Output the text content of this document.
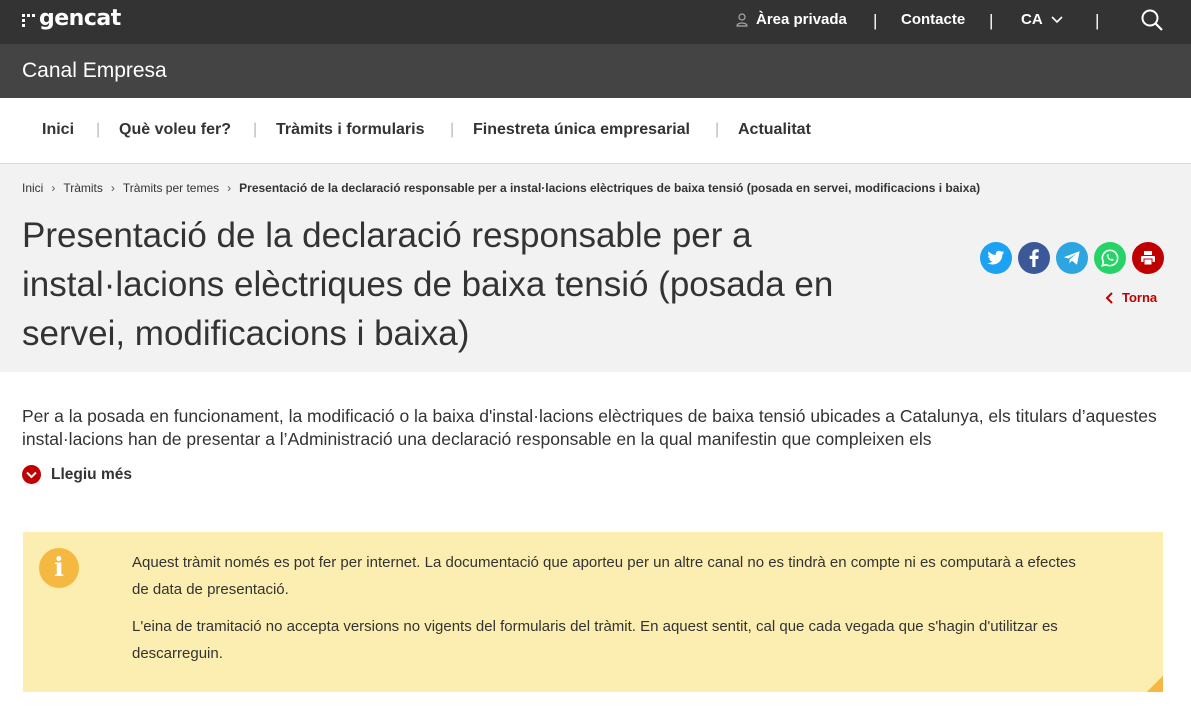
gencat	Àrea privada | Contacte | CA	|
Canal Empresa
Inici | Què voleu fer? | Tràmits i formularis | Finestreta única empresarial | Actualitat
Inici › Tràmits › Tràmits per temes › Presentació de la declaració responsable per a instal·lacions elèctriques de baixa tensió (posada en servei, modificacions i baixa)
Presentació de la declaració responsable per a instal·lacions elèctriques de baixa tensió (posada en servei, modificacions i baixa)
Torna

Per a la posada en funcionament, la modificació o la baixa d'instal·lacions elèctriques de baixa tensió ubicades a Catalunya, els titulars d’aquestes instal·lacions han de presentar a l’Administració una declaració responsable en la qual manifestin que compleixen els

Llegiu més
i	Aquest tràmit només es pot fer per internet. La documentació que aporteu per un altre canal no es tindrà en compte ni es computarà a efectes de data de presentació.

L'eina de tramitació no accepta versions no vigents del formularis del tràmit. En aquest sentit, cal que cada vegada que s'hagin d'utilitzar es descarreguin.
